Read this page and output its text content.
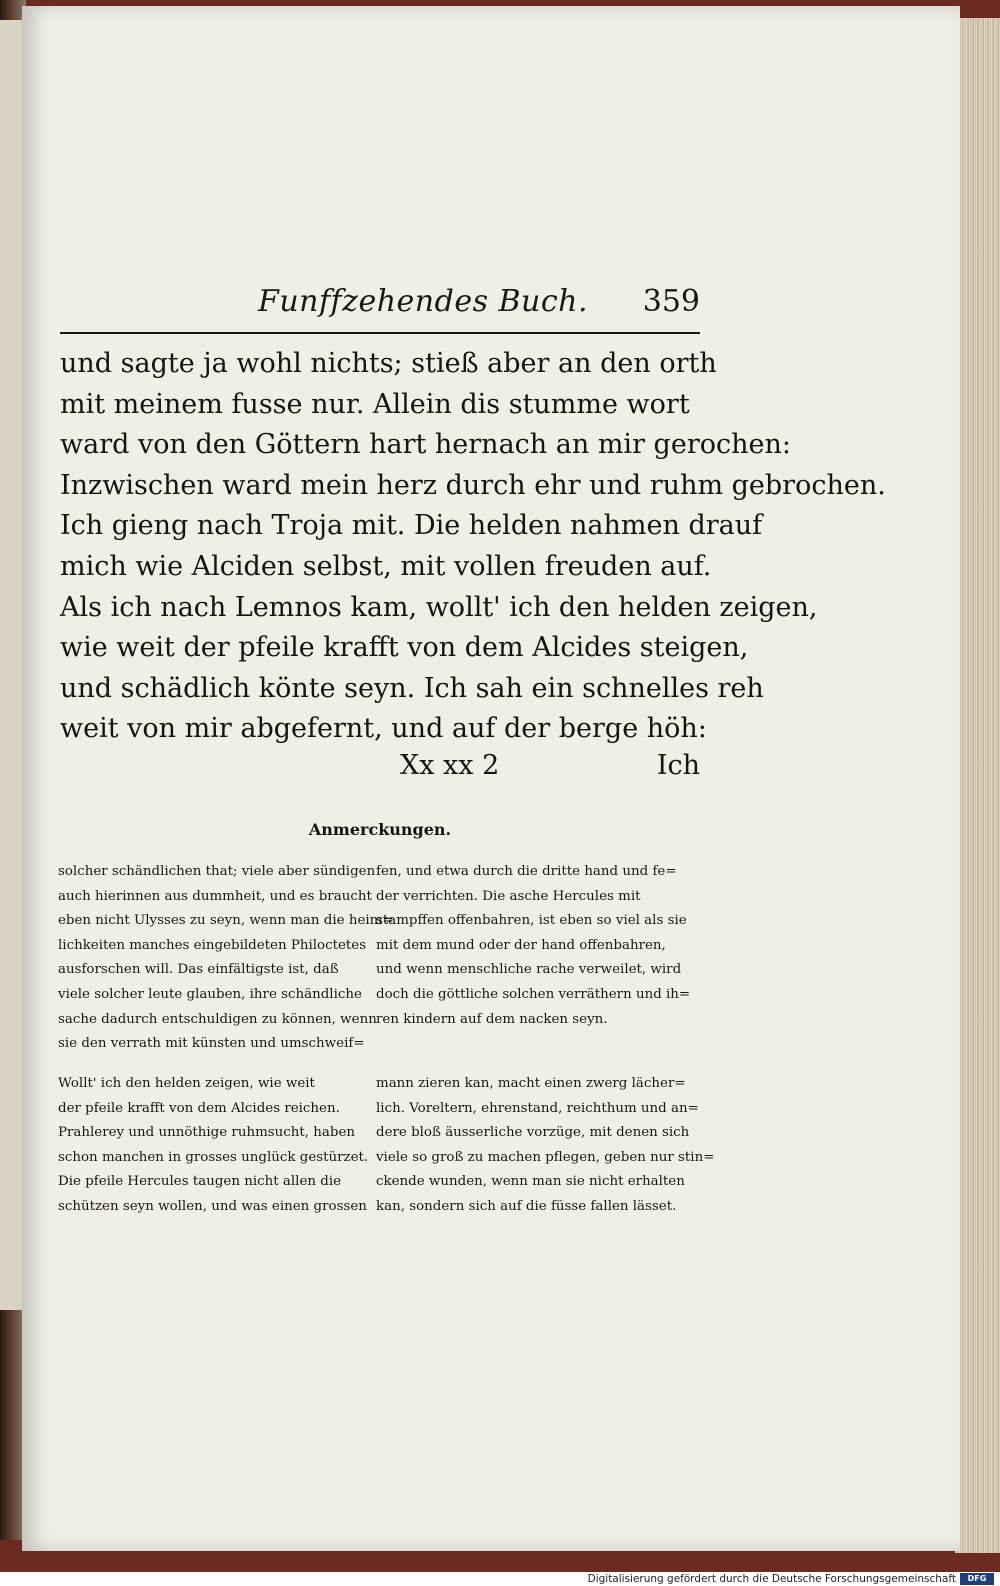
Funffzehendes Buch. 359
und sagte ja wohl nichts; stieß aber an den orth
mit meinem fusse nur. Allein dis stumme wort
ward von den Göttern hart hernach an mir gerochen:
Inzwischen ward mein herz durch ehr und ruhm gebrochen.
Ich gieng nach Troja mit. Die helden nahmen drauf
mich wie Alciden selbst, mit vollen freuden auf.
Als ich nach Lemnos kam, wollt' ich den helden zeigen,
wie weit der pfeile krafft von dem Alcides steigen,
und schädlich könte seyn. Ich sah ein schnelles reh
weit von mir abgefernt, und auf der berge höh:
Xx xx 2	Ich
Anmerckungen.
solcher schändlichen that; viele aber sündigen
auch hierinnen aus dummheit, und es braucht
eben nicht Ulysses zu seyn, wenn man die heim=
lichkeiten manches eingebildeten Philoctetes
ausforschen will. Das einfältigste ist, daß
viele solcher leute glauben, ihre schändliche
sache dadurch entschuldigen zu können, wenn
sie den verrath mit künsten und umschweif=
fen, und etwa durch die dritte hand und fe=
der verrichten. Die asche Hercules mit
stampffen offenbahren, ist eben so viel als sie
mit dem mund oder der hand offenbahren,
und wenn menschliche rache verweilet, wird
doch die göttliche solchen verräthern und ih=
ren kindern auf dem nacken seyn.
Wollt' ich den helden zeigen, wie weit
der pfeile krafft von dem Alcides reichen.
Prahlerey und unnöthige ruhmsucht, haben
schon manchen in grosses unglück gestürzet.
Die pfeile Hercules taugen nicht allen die
schützen seyn wollen, und was einen grossen
mann zieren kan, macht einen zwerg lächer=
lich. Voreltern, ehrenstand, reichthum und an=
dere bloß äusserliche vorzüge, mit denen sich
viele so groß zu machen pflegen, geben nur stin=
ckende wunden, wenn man sie nicht erhalten
kan, sondern sich auf die füsse fallen lässet.
Digitalisierung gefördert durch die Deutsche Forschungsgemeinschaft	DFG
